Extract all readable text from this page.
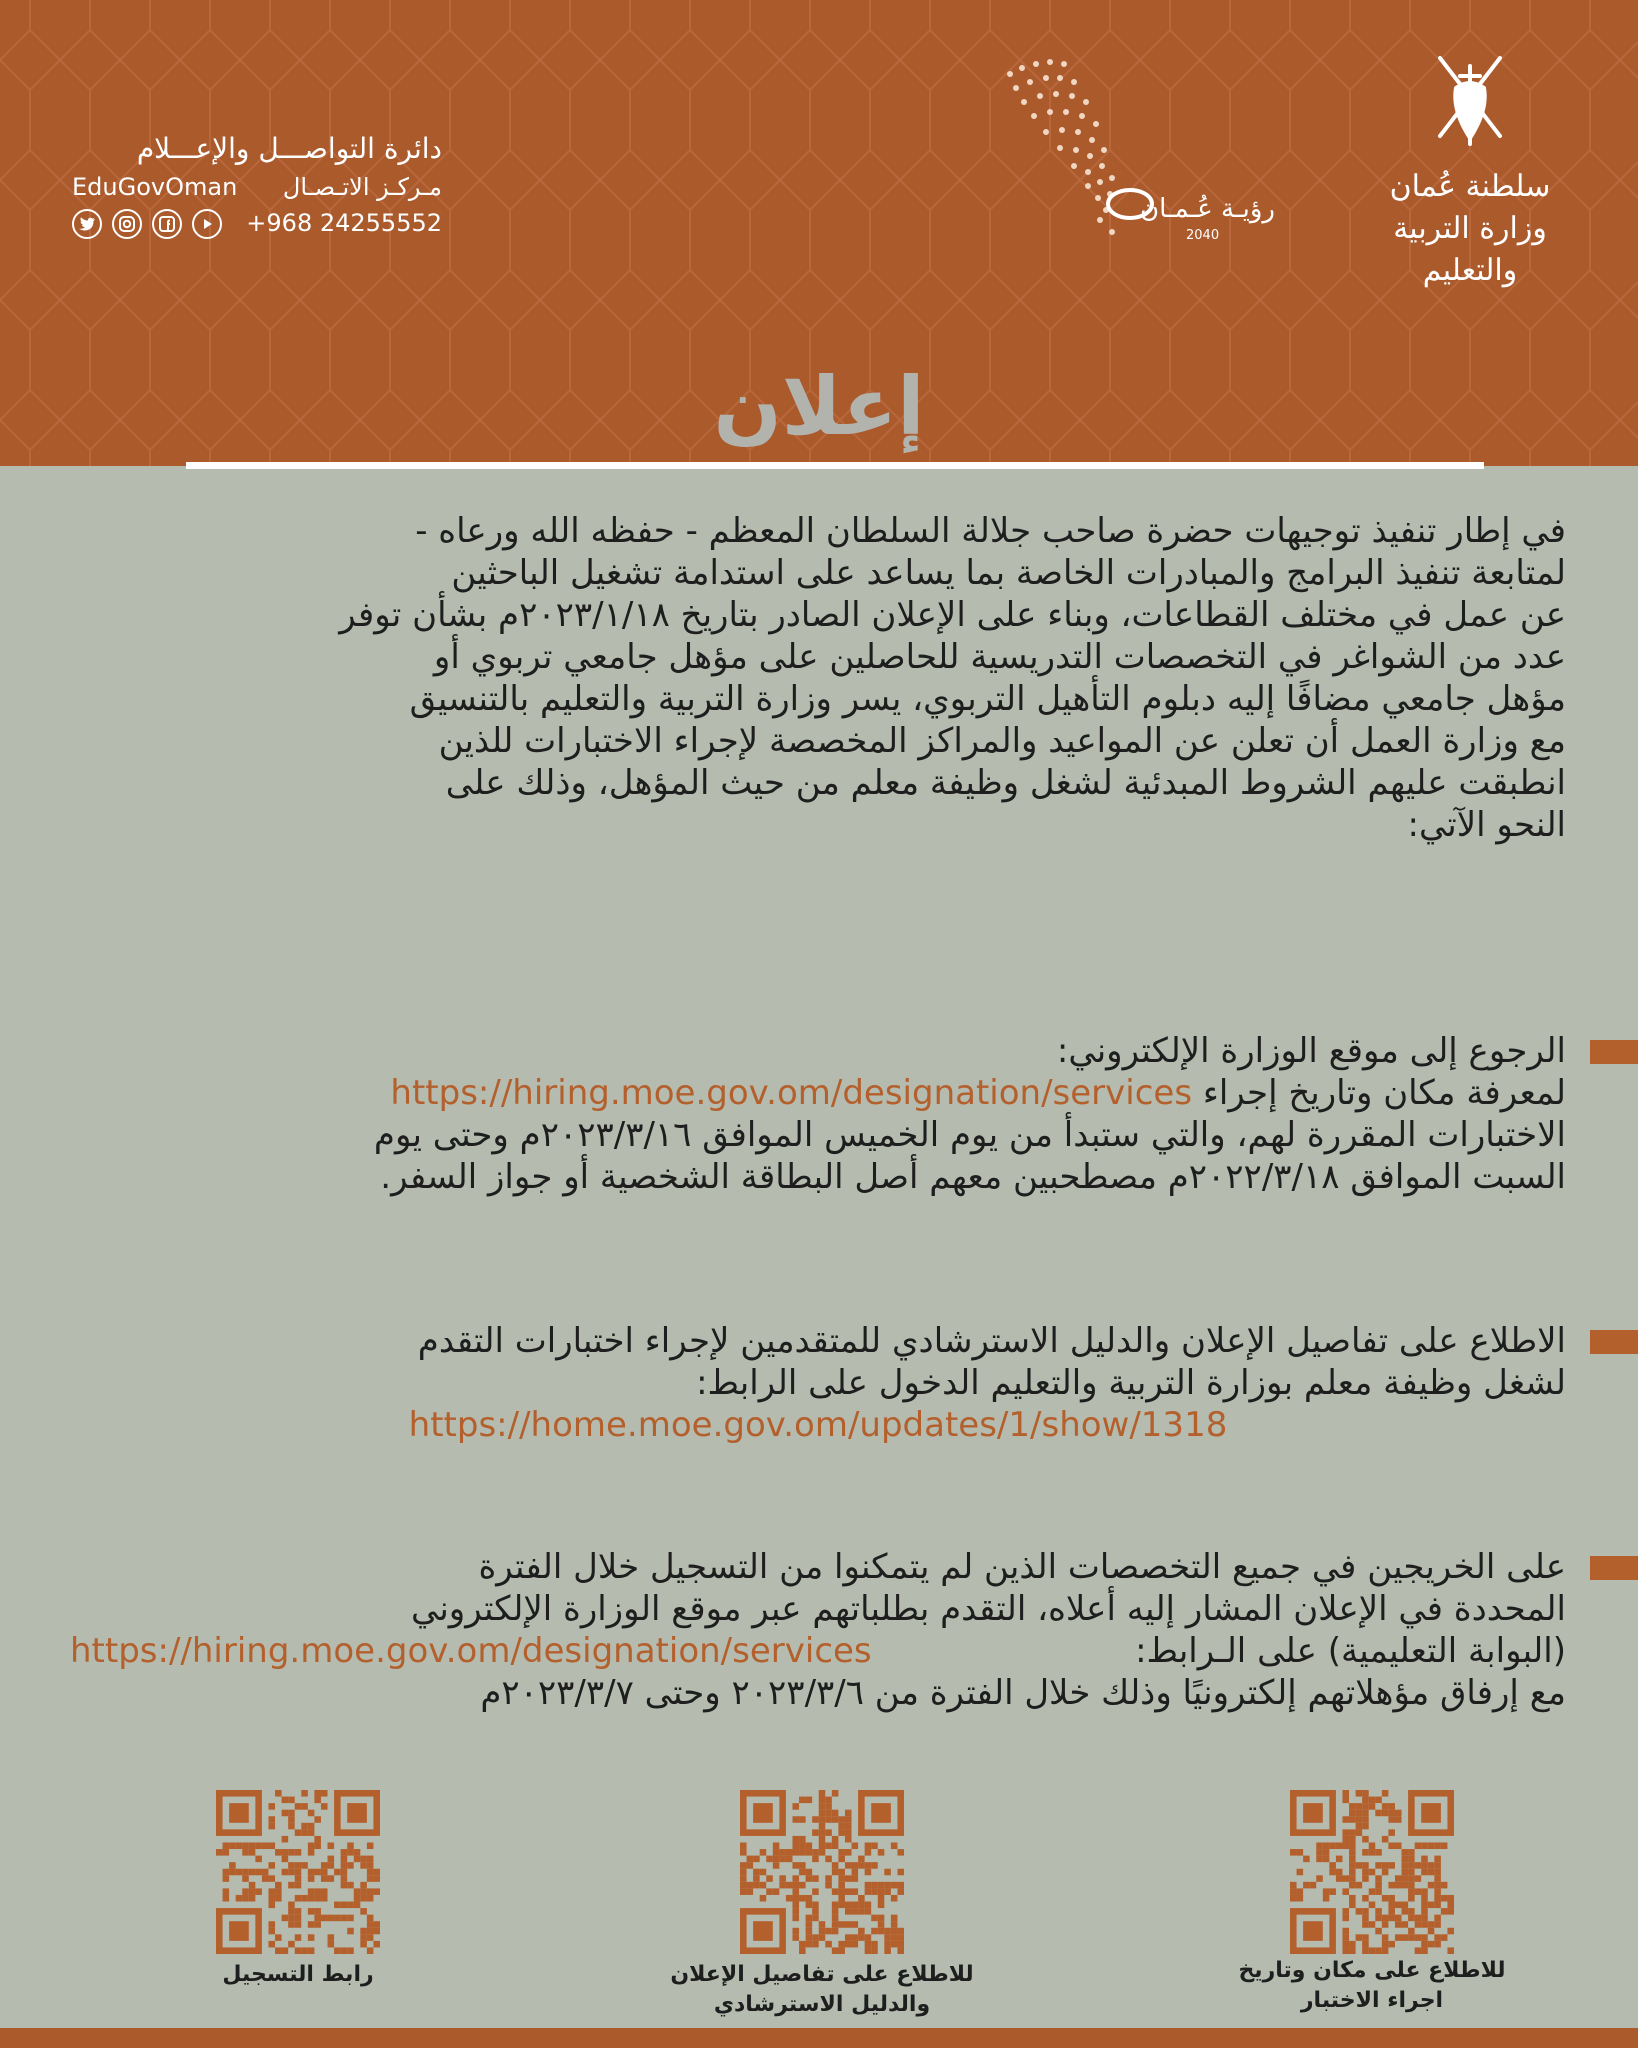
دائرة التواصـــل والإعـــلام
EduGovOman مـركـز الاتـصـال
+968 24255552	رؤيـة عُـمـان
2040
سلطنة عُمان
وزارة التربية والتعليم
إعلان
في إطار تنفيذ توجيهات حضرة صاحب جلالة السلطان المعظم - حفظه الله ورعاه -
لمتابعة تنفيذ البرامج والمبادرات الخاصة بما يساعد على استدامة تشغيل الباحثين
عن عمل في مختلف القطاعات، وبناء على الإعلان الصادر بتاريخ ٢٠٢٣/١/١٨م بشأن توفر
عدد من الشواغر في التخصصات التدريسية للحاصلين على مؤهل جامعي تربوي أو
مؤهل جامعي مضافًا إليه دبلوم التأهيل التربوي، يسر وزارة التربية والتعليم بالتنسيق
مع وزارة العمل أن تعلن عن المواعيد والمراكز المخصصة لإجراء الاختبارات للذين
انطبقت عليهم الشروط المبدئية لشغل وظيفة معلم من حيث المؤهل، وذلك على
النحو الآتي:
الرجوع إلى موقع الوزارة الإلكتروني:
لمعرفة مكان وتاريخ إجراء https://hiring.moe.gov.om/designation/services
الاختبارات المقررة لهم، والتي ستبدأ من يوم الخميس الموافق ٢٠٢٣/٣/١٦م وحتى يوم
السبت الموافق ٢٠٢٢/٣/١٨م مصطحبين معهم أصل البطاقة الشخصية أو جواز السفر.
الاطلاع على تفاصيل الإعلان والدليل الاسترشادي للمتقدمين لإجراء اختبارات التقدم
لشغل وظيفة معلم بوزارة التربية والتعليم الدخول على الرابط:
https://home.moe.gov.om/updates/1/show/1318
على الخريجين في جميع التخصصات الذين لم يتمكنوا من التسجيل خلال الفترة
المحددة في الإعلان المشار إليه أعلاه، التقدم بطلباتهم عبر موقع الوزارة الإلكتروني
(البوابة التعليمية) على الـرابط:
https://hiring.moe.gov.om/designation/services
مع إرفاق مؤهلاتهم إلكترونيًا وذلك خلال الفترة من ٢٠٢٣/٣/٦ وحتى ٢٠٢٣/٣/٧م
رابط التسجيل	للاطلاع على تفاصيل الإعلان
والدليل الاسترشادي
للاطلاع على مكان وتاريخ
اجراء الاختبار
